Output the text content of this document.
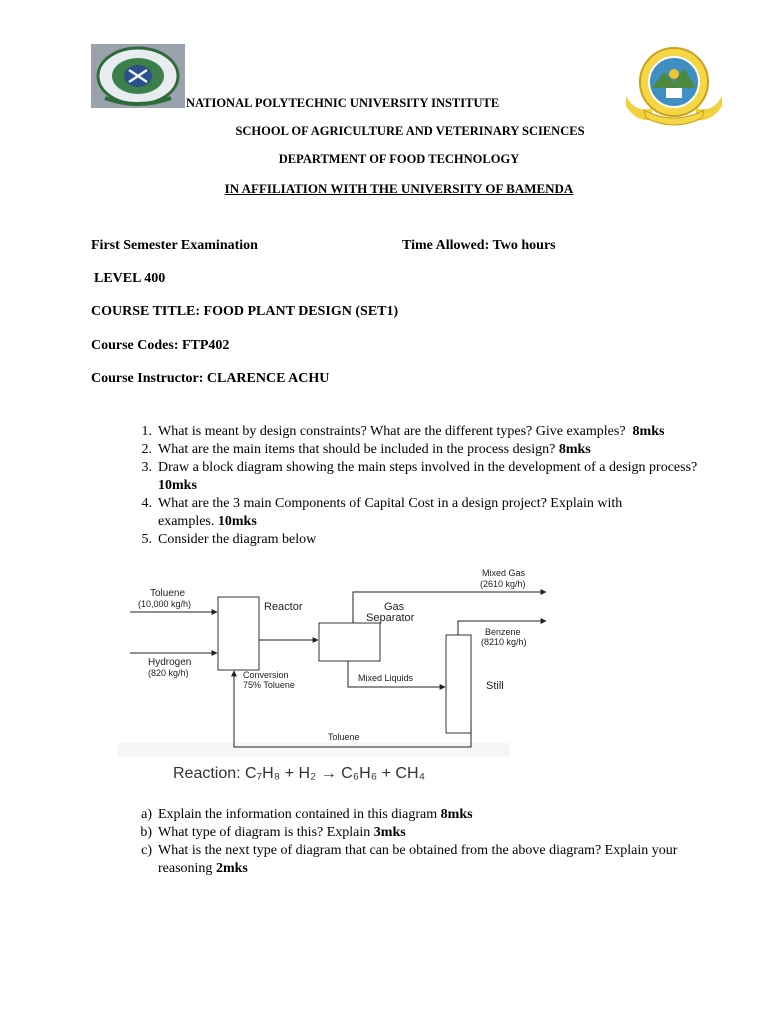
NATIONAL POLYTECHNIC UNIVERSITY INSTITUTE
SCHOOL OF AGRICULTURE AND VETERINARY SCIENCES
DEPARTMENT OF FOOD TECHNOLOGY
IN AFFILIATION WITH THE UNIVERSITY OF BAMENDA
First Semester Examination	Time Allowed: Two hours
LEVEL 400
COURSE TITLE: FOOD PLANT DESIGN (SET1)
Course Codes: FTP402
Course Instructor: CLARENCE ACHU
1. What is meant by design constraints? What are the different types? Give examples? 8mks
2. What are the main items that should be included in the process design? 8mks
3. Draw a block diagram showing the main steps involved in the development of a design process? 10mks
4. What are the 3 main Components of Capital Cost in a design project? Explain with examples. 10mks
5. Consider the diagram below
Toluene
(10,000 kg/h)
Hydrogen
(820 kg/h)
Reactor
Conversion
75% Toluene
Gas
Separator
Mixed Gas
(2610 kg/h)
Benzene
(8210 kg/h)
Mixed Liquids
Still
Toluene
Reaction: C₇H₈ + H₂ → C₆H₆ + CH₄
a) Explain the information contained in this diagram 8mks
b) What type of diagram is this? Explain 3mks
c) What is the next type of diagram that can be obtained from the above diagram? Explain your reasoning 2mks
